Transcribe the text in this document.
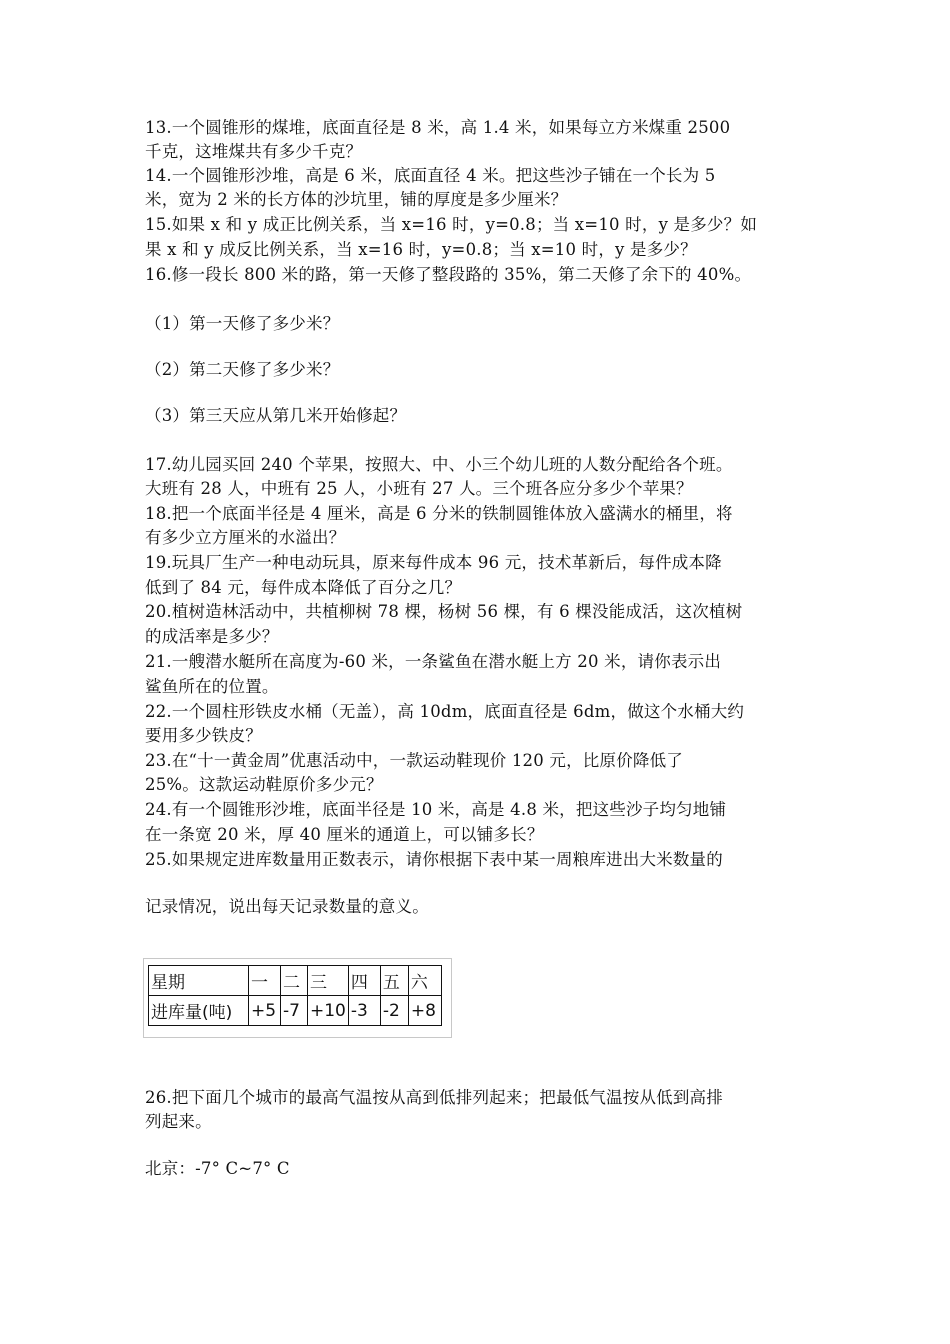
13.一个圆锥形的煤堆，底面直径是 8 米，高 1.4 米，如果每立方米煤重 2500
千克，这堆煤共有多少千克？
14.一个圆锥形沙堆，高是 6 米，底面直径 4 米。把这些沙子铺在一个长为 5
米，宽为 2 米的长方体的沙坑里，铺的厚度是多少厘米？
15.如果 x 和 y 成正比例关系，当 x=16 时，y=0.8；当 x=10 时，y 是多少？如
果 x 和 y 成反比例关系，当 x=16 时，y=0.8；当 x=10 时，y 是多少？
16.修一段长 800 米的路，第一天修了整段路的 35%，第二天修了余下的 40%。
（1）第一天修了多少米？
（2）第二天修了多少米？
（3）第三天应从第几米开始修起？
17.幼儿园买回 240 个苹果，按照大、中、小三个幼儿班的人数分配给各个班。
大班有 28 人，中班有 25 人，小班有 27 人。三个班各应分多少个苹果？
18.把一个底面半径是 4 厘米，高是 6 分米的铁制圆锥体放入盛满水的桶里，将
有多少立方厘米的水溢出？
19.玩具厂生产一种电动玩具，原来每件成本 96 元，技术革新后，每件成本降
低到了 84 元，每件成本降低了百分之几？
20.植树造林活动中，共植柳树 78 棵，杨树 56 棵，有 6 棵没能成活，这次植树
的成活率是多少？
21.一艘潜水艇所在高度为-60 米，一条鲨鱼在潜水艇上方 20 米，请你表示出
鲨鱼所在的位置。
22.一个圆柱形铁皮水桶（无盖），高 10dm，底面直径是 6dm，做这个水桶大约
要用多少铁皮？
23.在“十一黄金周”优惠活动中，一款运动鞋现价 120 元，比原价降低了
25%。这款运动鞋原价多少元？
24.有一个圆锥形沙堆，底面半径是 10 米，高是 4.8 米，把这些沙子均匀地铺
在一条宽 20 米，厚 40 厘米的通道上，可以铺多长？
25.如果规定进库数量用正数表示，请你根据下表中某一周粮库进出大米数量的
记录情况，说出每天记录数量的意义。
星期	一	二	三	四	五	六
进库量(吨)	+5	-7	+10	-3	-2	+8
26.把下面几个城市的最高气温按从高到低排列起来；把最低气温按从低到高排
列起来。
北京：-7° C~7° C
